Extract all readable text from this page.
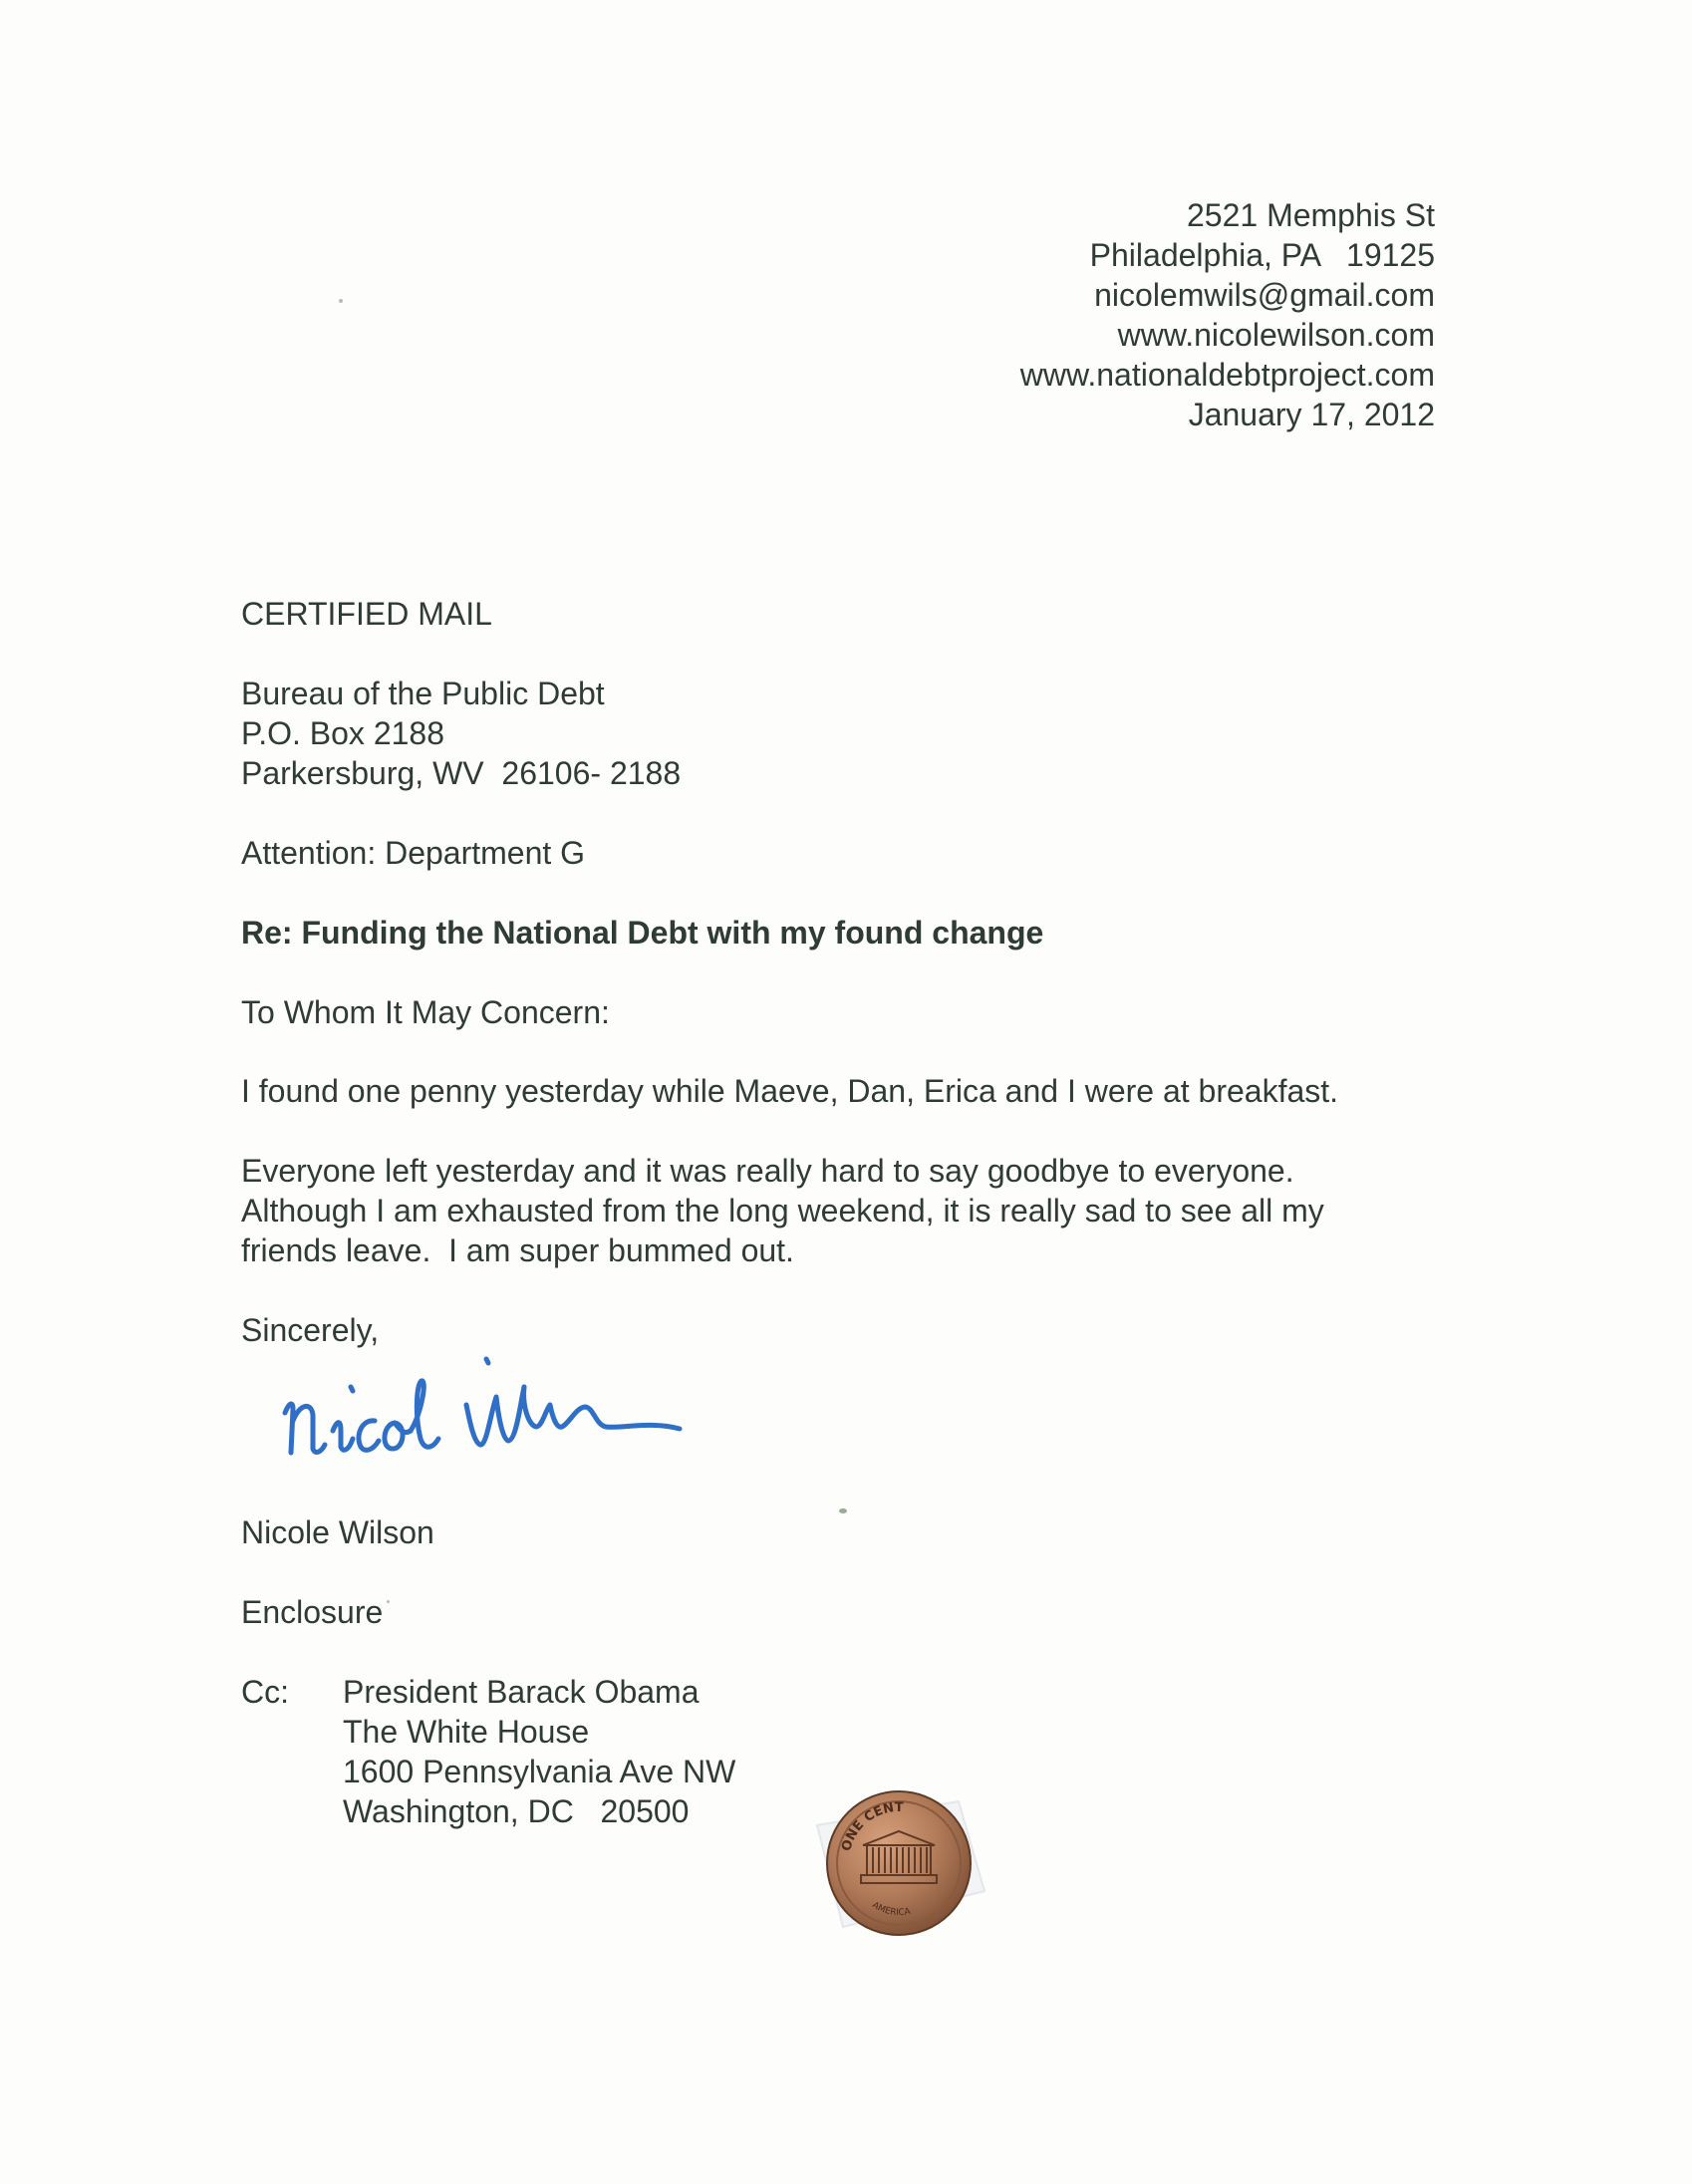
2521 Memphis St
Philadelphia, PA   19125
nicolemwils@gmail.com
www.nicolewilson.com
www.nationaldebtproject.com
January 17, 2012
CERTIFIED MAIL
Bureau of the Public Debt
P.O. Box 2188
Parkersburg, WV  26106- 2188
Attention: Department G
Re: Funding the National Debt with my found change
To Whom It May Concern:
I found one penny yesterday while Maeve, Dan, Erica and I were at breakfast.
Everyone left yesterday and it was really hard to say goodbye to everyone.
Although I am exhausted from the long weekend, it is really sad to see all my
friends leave.  I am super bummed out.
Sincerely,
Nicole Wilson
Enclosure
Cc: President Barack Obama
The White House
1600 Pennsylvania Ave NW
Washington, DC   20500
ONE CENT
AMERICA
